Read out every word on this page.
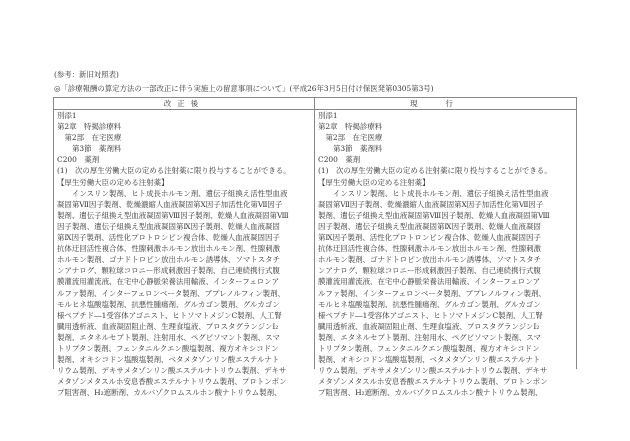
(参考：新旧対照表)
◎「診療報酬の算定方法の一部改正に伴う実施上の留意事項について」(平成26年3月5日付け保医発第0305第3号)
改正後	現行
別添1
第2章　特掲診療料
第2部　在宅医療
第3節　薬剤料
C200　薬剤
(1)　次の厚生労働大臣の定める注射薬に限り投与することができる。
【厚生労働大臣の定める注射薬】
　インスリン製剤、ヒト成長ホルモン剤、遺伝子組換え活性型血液
凝固第Ⅶ因子製剤、乾燥濃縮人血液凝固第Ⅹ因子加活性化第Ⅶ因子
製剤、遺伝子組換え型血液凝固第Ⅷ因子製剤、乾燥人血液凝固第Ⅷ
因子製剤、遺伝子組換え型血液凝固第Ⅸ因子製剤、乾燥人血液凝固
第Ⅸ因子製剤、活性化プロトロンビン複合体、乾燥人血液凝固因子
抗体迂回活性複合体、性腺刺激ホルモン放出ホルモン剤、性腺刺激
ホルモン製剤、ゴナドトロピン放出ホルモン誘導体、ソマトスタチ
ンアナログ、顆粒球コロニー形成刺激因子製剤、自己連続携行式腹
膜灌流用灌流液、在宅中心静脈栄養法用輸液、インターフェロンア
ルファ製剤、インターフェロンベータ製剤、ブプレノルフィン製剤、
モルヒネ塩酸塩製剤、抗悪性腫瘍剤、グルカゴン製剤、グルカゴン
様ペプチド―1受容体アゴニスト、ヒトソマトメジンC製剤、人工腎
臓用透析液、血液凝固阻止剤、生理食塩液、プロスタグランジンI₂
製剤、エタネルセプト製剤、注射用水、ペグビソマント製剤、スマ
トリプタン製剤、フェンタニルクエン酸塩製剤、複方オキシコドン
製剤、オキシコドン塩酸塩製剤、ベタメタゾンリン酸エステルナト
リウム製剤、デキサメタゾンリン酸エステルナトリウム製剤、デキサ
メタゾンメタスルホ安息香酸エステルナトリウム製剤、プロトンポン
プ阻害剤、H₂遮断剤、カルバゾクロムスルホン酸ナトリウム製剤、
別添1
第2章　特掲診療料
第2部　在宅医療
第3節　薬剤料
C200　薬剤
(1)　次の厚生労働大臣の定める注射薬に限り投与することができる。
【厚生労働大臣の定める注射薬】
　インスリン製剤、ヒト成長ホルモン剤、遺伝子組換え活性型血液
凝固第Ⅶ因子製剤、乾燥濃縮人血液凝固第Ⅹ因子加活性化第Ⅶ因子
製剤、遺伝子組換え型血液凝固第Ⅷ因子製剤、乾燥人血液凝固第Ⅷ
因子製剤、遺伝子組換え型血液凝固第Ⅸ因子製剤、乾燥人血液凝固
第Ⅸ因子製剤、活性化プロトロンビン複合体、乾燥人血液凝固因子
抗体迂回活性複合体、性腺刺激ホルモン放出ホルモン剤、性腺刺激
ホルモン製剤、ゴナドトロピン放出ホルモン誘導体、ソマトスタチ
ンアナログ、顆粒球コロニー形成刺激因子製剤、自己連続携行式腹
膜灌流用灌流液、在宅中心静脈栄養法用輸液、インターフェロンア
ルファ製剤、インターフェロンベータ製剤、ブプレノルフィン製剤、
モルヒネ塩酸塩製剤、抗悪性腫瘍剤、グルカゴン製剤、グルカゴン
様ペプチド―1受容体アゴニスト、ヒトソマトメジンC製剤、人工腎
臓用透析液、血液凝固阻止剤、生理食塩液、プロスタグランジンI₂
製剤、エタネルセプト製剤、注射用水、ペグビソマント製剤、スマ
トリプタン製剤、フェンタニルクエン酸塩製剤、複方オキシコドン
製剤、オキシコドン塩酸塩製剤、ベタメタゾンリン酸エステルナト
リウム製剤、デキサメタゾンリン酸エステルナトリウム製剤、デキサ
メタゾンメタスルホ安息香酸エステルナトリウム製剤、プロトンポン
プ阻害剤、H₂遮断剤、カルバゾクロムスルホン酸ナトリウム製剤、
